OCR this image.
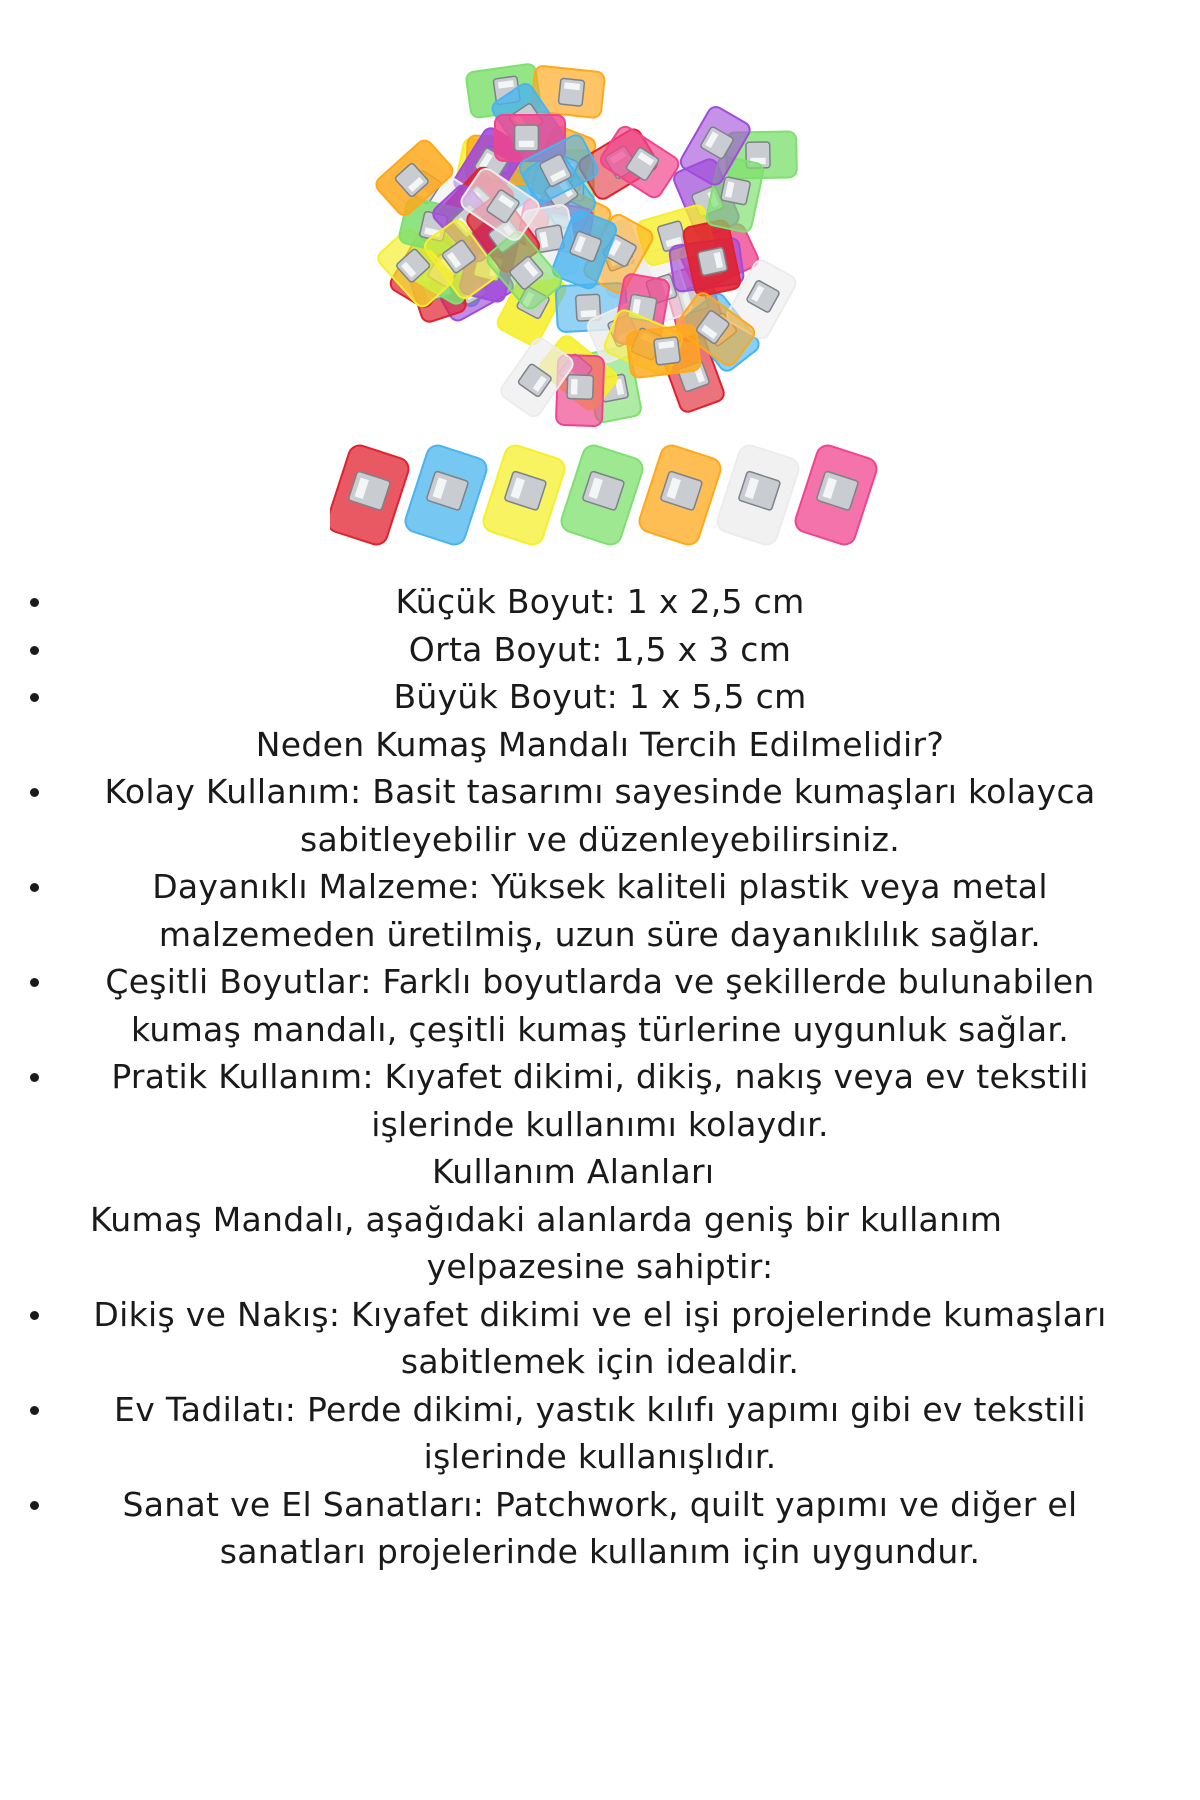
Küçük Boyut: 1 x 2,5 cm
Orta Boyut: 1,5 x 3 cm
Büyük Boyut: 1 x 5,5 cm
Neden Kumaş Mandalı Tercih Edilmelidir?
Kolay Kullanım: Basit tasarımı sayesinde kumaşları kolayca
sabitleyebilir ve düzenleyebilirsiniz.
Dayanıklı Malzeme: Yüksek kaliteli plastik veya metal
malzemeden üretilmiş, uzun süre dayanıklılık sağlar.
Çeşitli Boyutlar: Farklı boyutlarda ve şekillerde bulunabilen
kumaş mandalı, çeşitli kumaş türlerine uygunluk sağlar.
Pratik Kullanım: Kıyafet dikimi, dikiş, nakış veya ev tekstili
işlerinde kullanımı kolaydır.
Kullanım Alanları
Kumaş Mandalı, aşağıdaki alanlarda geniş bir kullanım
yelpazesine sahiptir:
Dikiş ve Nakış: Kıyafet dikimi ve el işi projelerinde kumaşları
sabitlemek için idealdir.
Ev Tadilatı: Perde dikimi, yastık kılıfı yapımı gibi ev tekstili
işlerinde kullanışlıdır.
Sanat ve El Sanatları: Patchwork, quilt yapımı ve diğer el
sanatları projelerinde kullanım için uygundur.
